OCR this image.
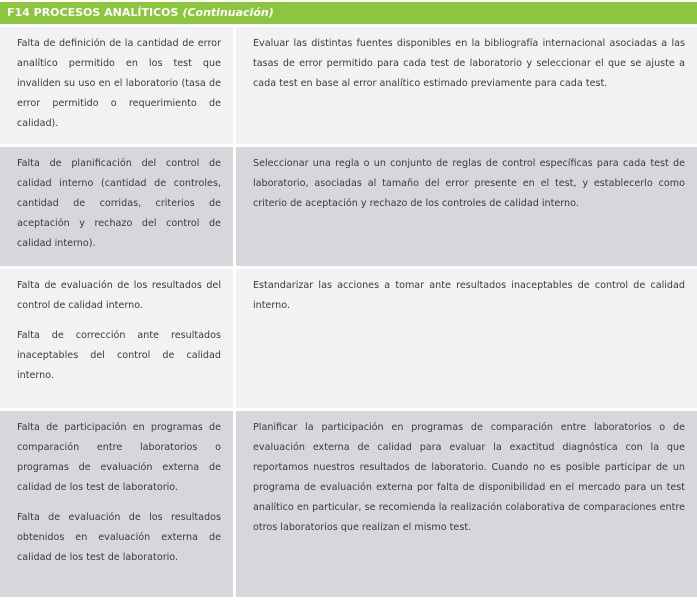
F14 PROCESOS ANALÍTICOS (Continuación)

Falta de definición de la cantidad de error analítico permitido en los test que invaliden su uso en el laboratorio (tasa de error permitido o requerimiento de calidad).

Evaluar las distintas fuentes disponibles en la bibliografía internacional asociadas a las tasas de error permitido para cada test de laboratorio y seleccionar el que se ajuste a cada test en base al error analítico estimado previamente para cada test.

Falta de planificación del control de calidad interno (cantidad de controles, cantidad de corridas, criterios de aceptación y rechazo del control de calidad interno).

Seleccionar una regla o un conjunto de reglas de control específicas para cada test de laboratorio, asociadas al tamaño del error presente en el test, y establecerlo como criterio de aceptación y rechazo de los controles de calidad interno.

Falta de evaluación de los resultados del control de calidad interno.

Falta de corrección ante resultados inaceptables del control de calidad interno.

Estandarizar las acciones a tomar ante resultados inaceptables de control de calidad interno.

Falta de participación en programas de comparación entre laboratorios o programas de evaluación externa de calidad de los test de laboratorio.

Falta de evaluación de los resultados obtenidos en evaluación externa de calidad de los test de laboratorio.

Planificar la participación en programas de comparación entre laboratorios o de evaluación externa de calidad para evaluar la exactitud diagnóstica con la que reportamos nuestros resultados de laboratorio. Cuando no es posible participar de un programa de evaluación externa por falta de disponibilidad en el mercado para un test analítico en particular, se recomienda la realización colaborativa de comparaciones entre otros laboratorios que realizan el mismo test.
